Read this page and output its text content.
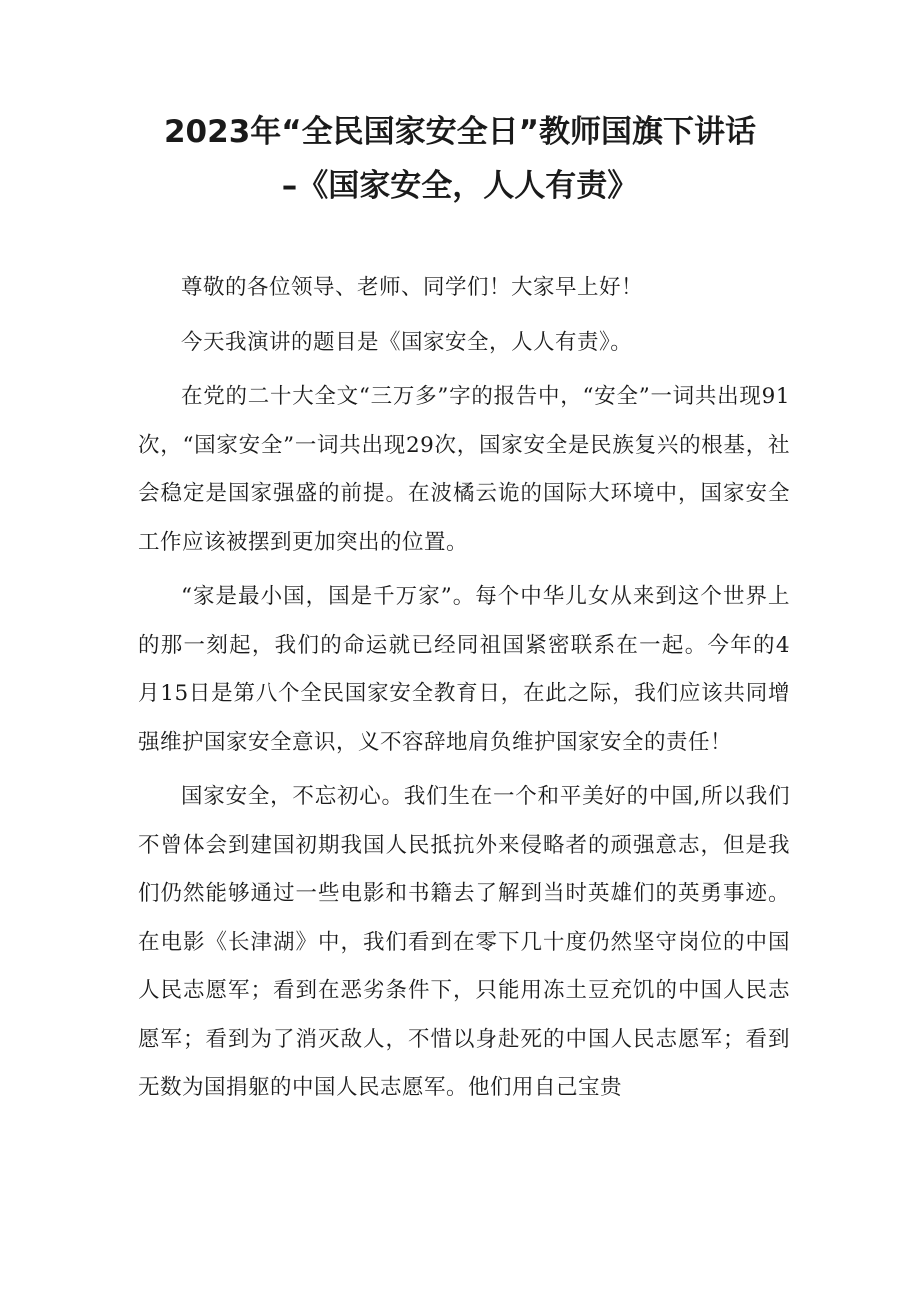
2023年“全民国家安全日”教师国旗下讲话
–《国家安全，人人有责》

尊敬的各位领导、老师、同学们！大家早上好！

今天我演讲的题目是《国家安全，人人有责》。

在党的二十大全文“三万多”字的报告中，“安全”一词共出现91次，“国家安全”一词共出现29次，国家安全是民族复兴的根基，社会稳定是国家强盛的前提。在波橘云诡的国际大环境中，国家安全工作应该被摆到更加突出的位置。

“家是最小国，国是千万家”。每个中华儿女从来到这个世界上的那一刻起，我们的命运就已经同祖国紧密联系在一起。今年的4月15日是第八个全民国家安全教育日，在此之际，我们应该共同增强维护国家安全意识，义不容辞地肩负维护国家安全的责任！

国家安全，不忘初心。我们生在一个和平美好的中国,所以我们不曾体会到建国初期我国人民抵抗外来侵略者的顽强意志，但是我们仍然能够通过一些电影和书籍去了解到当时英雄们的英勇事迹。在电影《长津湖》中，我们看到在零下几十度仍然坚守岗位的中国人民志愿军；看到在恶劣条件下，只能用冻土豆充饥的中国人民志愿军；看到为了消灭敌人，不惜以身赴死的中国人民志愿军；看到无数为国捐躯的中国人民志愿军。他们用自己宝贵
